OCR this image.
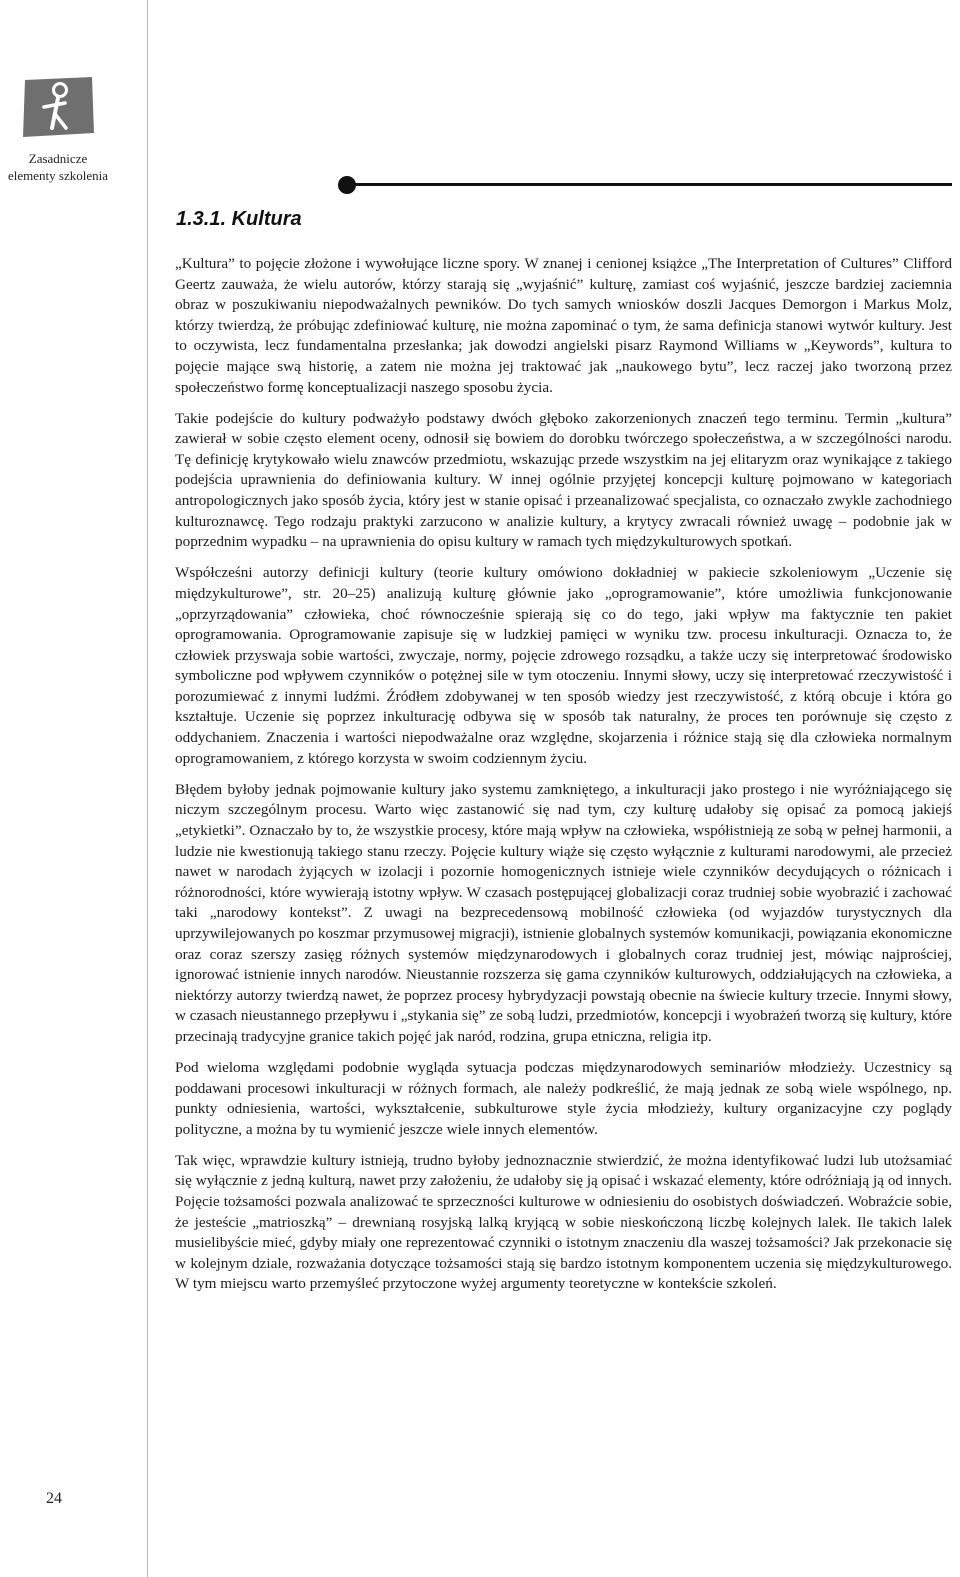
Zasadnicze
elementy szkolenia
1.3.1. Kultura

„Kultura” to pojęcie złożone i wywołujące liczne spory. W znanej i cenionej książce „The Interpretation of Cultures” Clifford Geertz zauważa, że wielu autorów, którzy starają się „wyjaśnić” kulturę, zamiast coś wyjaśnić, jeszcze bardziej zaciemnia obraz w poszukiwaniu niepodważalnych pewników. Do tych samych wniosków doszli Jacques Demorgon i Markus Molz, którzy twierdzą, że próbując zdefiniować kulturę, nie można zapominać o tym, że sama definicja stanowi wytwór kultury. Jest to oczywista, lecz fundamentalna przesłanka; jak dowodzi angielski pisarz Raymond Williams w „Keywords”, kultura to pojęcie mające swą historię, a zatem nie można jej traktować jak „naukowego bytu”, lecz raczej jako tworzoną przez społeczeństwo formę konceptualizacji naszego sposobu życia.

Takie podejście do kultury podważyło podstawy dwóch głęboko zakorzenionych znaczeń tego terminu. Termin „kultura” zawierał w sobie często element oceny, odnosił się bowiem do dorobku twórczego społeczeństwa, a w szczególności narodu. Tę definicję krytykowało wielu znawców przedmiotu, wskazując przede wszystkim na jej elitaryzm oraz wynikające z takiego podejścia uprawnienia do definiowania kultury. W innej ogólnie przyjętej koncepcji kulturę pojmowano w kategoriach antropologicznych jako sposób życia, który jest w stanie opisać i przeanalizować specjalista, co oznaczało zwykle zachodniego kulturoznawcę. Tego rodzaju praktyki zarzucono w analizie kultury, a krytycy zwracali również uwagę – podobnie jak w poprzednim wypadku – na uprawnienia do opisu kultury w ramach tych międzykulturowych spotkań.

Współcześni autorzy definicji kultury (teorie kultury omówiono dokładniej w pakiecie szkoleniowym „Uczenie się międzykulturowe”, str. 20–25) analizują kulturę głównie jako „oprogramowanie”, które umożliwia funkcjonowanie „oprzyrządowania” człowieka, choć równocześnie spierają się co do tego, jaki wpływ ma faktycznie ten pakiet oprogramowania. Oprogramowanie zapisuje się w ludzkiej pamięci w wyniku tzw. procesu inkulturacji. Oznacza to, że człowiek przyswaja sobie wartości, zwyczaje, normy, pojęcie zdrowego rozsądku, a także uczy się interpretować środowisko symboliczne pod wpływem czynników o potężnej sile w tym otoczeniu. Innymi słowy, uczy się interpretować rzeczywistość i porozumiewać z innymi ludźmi. Źródłem zdobywanej w ten sposób wiedzy jest rzeczywistość, z którą obcuje i która go kształtuje. Uczenie się poprzez inkulturację odbywa się w sposób tak naturalny, że proces ten porównuje się często z oddychaniem. Znaczenia i wartości niepodważalne oraz względne, skojarzenia i różnice stają się dla człowieka normalnym oprogramowaniem, z którego korzysta w swoim codziennym życiu.

Błędem byłoby jednak pojmowanie kultury jako systemu zamkniętego, a inkulturacji jako prostego i nie wyróżniającego się niczym szczególnym procesu. Warto więc zastanowić się nad tym, czy kulturę udałoby się opisać za pomocą jakiejś „etykietki”. Oznaczało by to, że wszystkie procesy, które mają wpływ na człowieka, współistnieją ze sobą w pełnej harmonii, a ludzie nie kwestionują takiego stanu rzeczy. Pojęcie kultury wiąże się często wyłącznie z kulturami narodowymi, ale przecież nawet w narodach żyjących w izolacji i pozornie homogenicznych istnieje wiele czynników decydujących o różnicach i różnorodności, które wywierają istotny wpływ. W czasach postępującej globalizacji coraz trudniej sobie wyobrazić i zachować taki „narodowy kontekst”. Z uwagi na bezprecedensową mobilność człowieka (od wyjazdów turystycznych dla uprzywilejowanych po koszmar przymusowej migracji), istnienie globalnych systemów komunikacji, powiązania ekonomiczne oraz coraz szerszy zasięg różnych systemów międzynarodowych i globalnych coraz trudniej jest, mówiąc najprościej, ignorować istnienie innych narodów. Nieustannie rozszerza się gama czynników kulturowych, oddziałujących na człowieka, a niektórzy autorzy twierdzą nawet, że poprzez procesy hybrydyzacji powstają obecnie na świecie kultury trzecie. Innymi słowy, w czasach nieustannego przepływu i „stykania się” ze sobą ludzi, przedmiotów, koncepcji i wyobrażeń tworzą się kultury, które przecinają tradycyjne granice takich pojęć jak naród, rodzina, grupa etniczna, religia itp.

Pod wieloma względami podobnie wygląda sytuacja podczas międzynarodowych seminariów młodzieży. Uczestnicy są poddawani procesowi inkulturacji w różnych formach, ale należy podkreślić, że mają jednak ze sobą wiele wspólnego, np. punkty odniesienia, wartości, wykształcenie, subkulturowe style życia młodzieży, kultury organizacyjne czy poglądy polityczne, a można by tu wymienić jeszcze wiele innych elementów.

Tak więc, wprawdzie kultury istnieją, trudno byłoby jednoznacznie stwierdzić, że można identyfikować ludzi lub utożsamiać się wyłącznie z jedną kulturą, nawet przy założeniu, że udałoby się ją opisać i wskazać elementy, które odróżniają ją od innych. Pojęcie tożsamości pozwala analizować te sprzeczności kulturowe w odniesieniu do osobistych doświadczeń. Wobraźcie sobie, że jesteście „matrioszką” – drewnianą rosyjską lalką kryjącą w sobie nieskończoną liczbę kolejnych lalek. Ile takich lalek musielibyście mieć, gdyby miały one reprezentować czynniki o istotnym znaczeniu dla waszej tożsamości? Jak przekonacie się w kolejnym dziale, rozważania dotyczące tożsamości stają się bardzo istotnym komponentem uczenia się międzykulturowego. W tym miejscu warto przemyśleć przytoczone wyżej argumenty teoretyczne w kontekście szkoleń.

24
